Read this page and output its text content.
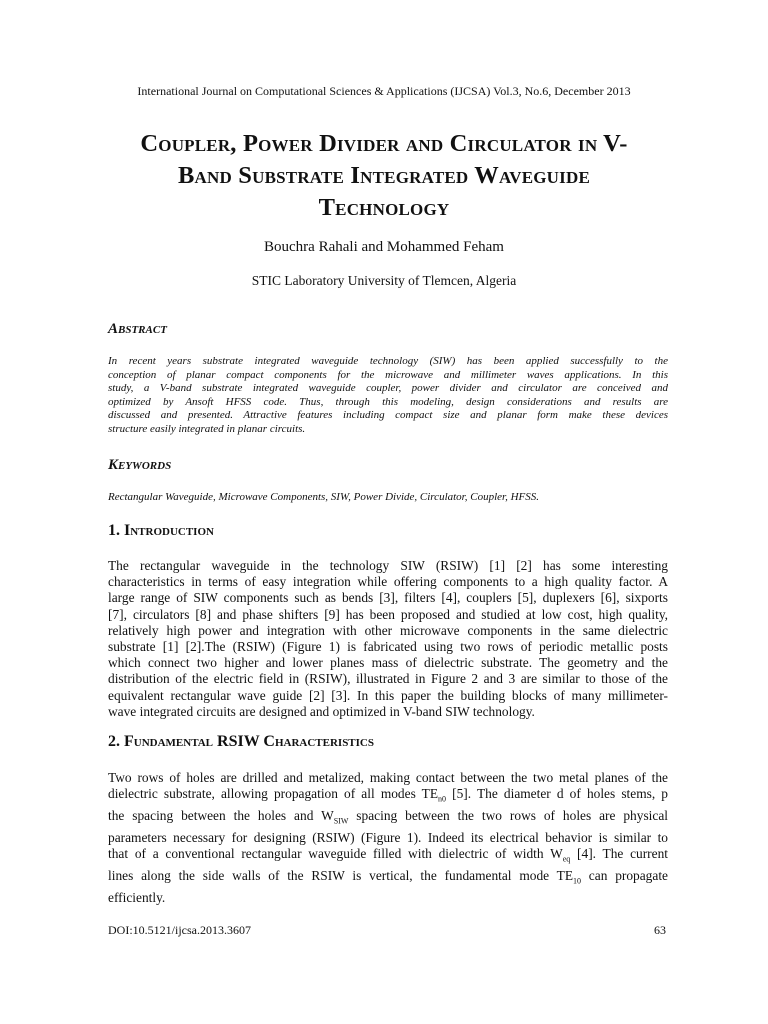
International Journal on Computational Sciences & Applications (IJCSA) Vol.3, No.6, December 2013
Coupler, Power Divider and Circulator in V-
Band Substrate Integrated Waveguide
Technology
Bouchra Rahali and Mohammed Feham
STIC Laboratory University of Tlemcen, Algeria
Abstract
In recent years substrate integrated waveguide technology (SIW) has been applied successfully to the
conception of planar compact components for the microwave and millimeter waves applications. In this
study, a V-band substrate integrated waveguide coupler, power divider and circulator are conceived and
optimized by Ansoft HFSS code. Thus, through this modeling, design considerations and results are
discussed and presented. Attractive features including compact size and planar form make these devices
structure easily integrated in planar circuits.
Keywords
Rectangular Waveguide, Microwave Components, SIW, Power Divide, Circulator, Coupler, HFSS.
1. Introduction
The rectangular waveguide in the technology SIW (RSIW) [1] [2] has some interesting
characteristics in terms of easy integration while offering components to a high quality factor. A
large range of SIW components such as bends [3], filters [4], couplers [5], duplexers [6], sixports
[7], circulators [8] and phase shifters [9] has been proposed and studied at low cost, high quality,
relatively high power and integration with other microwave components in the same dielectric
substrate [1] [2].The (RSIW) (Figure 1) is fabricated using two rows of periodic metallic posts
which connect two higher and lower planes mass of dielectric substrate. The geometry and the
distribution of the electric field in (RSIW), illustrated in Figure 2 and 3 are similar to those of the
equivalent rectangular wave guide [2] [3]. In this paper the building blocks of many millimeter-
wave integrated circuits are designed and optimized in V-band SIW technology.
2. Fundamental RSIW Characteristics
Two rows of holes are drilled and metalized, making contact between the two metal planes of the
dielectric substrate, allowing propagation of all modes $TE_{n0}$ [5]. The diameter d of holes stems, p
the spacing between the holes and $W_{SIW}$ spacing between the two rows of holes are physical
parameters necessary for designing (RSIW) (Figure 1). Indeed its electrical behavior is similar to
that of a conventional rectangular waveguide filled with dielectric of width $W_{eq}$ [4]. The current
lines along the side walls of the RSIW is vertical, the fundamental mode $TE_{10}$ can propagate
efficiently.
DOI:10.5121/ijcsa.2013.3607	63
